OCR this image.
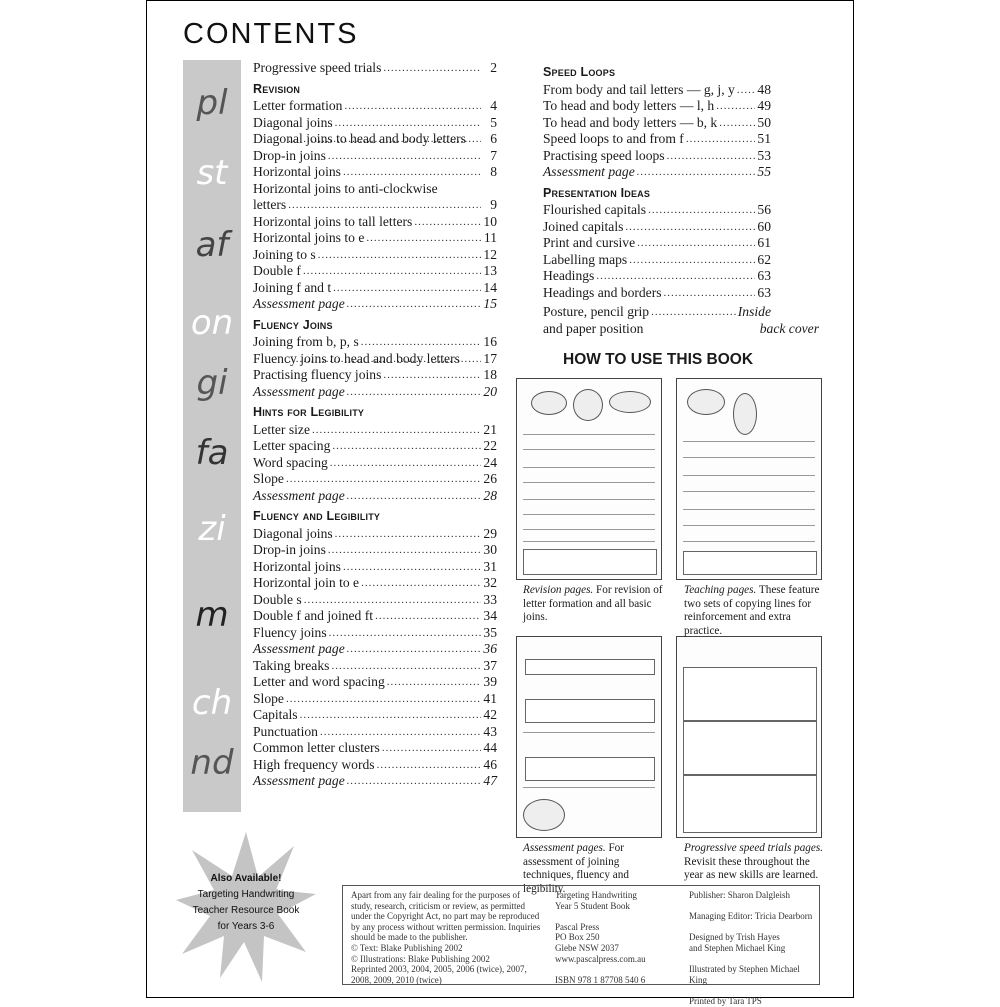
CONTENTS
pl
st
af
on
gi
fa
zi
m
ch
nd
Progressive speed trials .....	2
Revision
Letter formation .....	4
Diagonal joins .....	5
Diagonal joins to head and body letters .....	6
Drop-in joins .....	7
Horizontal joins .....	8
Horizontal joins to anti-clockwise letters .....	9
Horizontal joins to tall letters .....	10
Horizontal joins to e .....	11
Joining to s .....	12
Double f .....	13
Joining f and t .....	14
Assessment page .....	15
Fluency Joins
Joining from b, p, s .....	16
Fluency joins to head and body letters .....	17
Practising fluency joins .....	18
Assessment page .....	20
Hints for Legibility
Letter size .....	21
Letter spacing .....	22
Word spacing .....	24
Slope .....	26
Assessment page .....	28
Fluency and Legibility
Diagonal joins .....	29
Drop-in joins .....	30
Horizontal joins .....	31
Horizontal join to e .....	32
Double s .....	33
Double f and joined ft .....	34
Fluency joins .....	35
Assessment page .....	36
Taking breaks .....	37
Letter and word spacing .....	39
Slope .....	41
Capitals .....	42
Punctuation .....	43
Common letter clusters .....	44
High frequency words .....	46
Assessment page .....	47
Speed Loops
From body and tail letters — g, j, y ..... 48
To head and body letters — l, h .....	49
To head and body letters — b, k .....	50
Speed loops to and from f .....	51
Practising speed loops .....	53
Assessment page .....	55
Presentation Ideas
Flourished capitals .....	56
Joined capitals .....	60
Print and cursive .....	61
Labelling maps .....	62
Headings .....	63
Headings and borders .....	63
Posture, pencil grip .....	Inside
and paper position	back cover
HOW TO USE THIS BOOK
Revision pages. For revision of letter formation and all basic joins.
Teaching pages. These feature two sets of copying lines for reinforcement and extra practice.
Assessment pages. For assessment of joining techniques, fluency and legibility.
Progressive speed trials pages. Revisit these throughout the year as new skills are learned.
Also Available!
Targeting Handwriting
Teacher Resource Book
for Years 3-6
Apart from any fair dealing for the purposes of
study, research, criticism or review, as permitted
under the Copyright Act, no part may be reproduced
by any process without written permission. Inquiries
should be made to the publisher.
© Text: Blake Publishing 2002
© Illustrations: Blake Publishing 2002
Reprinted 2003, 2004, 2005, 2006 (twice), 2007,
2008, 2009, 2010 (twice)
Targeting Handwriting
Year 5 Student Book
Pascal Press
PO Box 250
Glebe NSW 2037
www.pascalpress.com.au
ISBN 978 1 87708 540 6
Publisher: Sharon Dalgleish
Managing Editor: Tricia Dearborn
Designed by Trish Hayes
and Stephen Michael King
Illustrated by Stephen Michael King
Printed by Tara TPS
